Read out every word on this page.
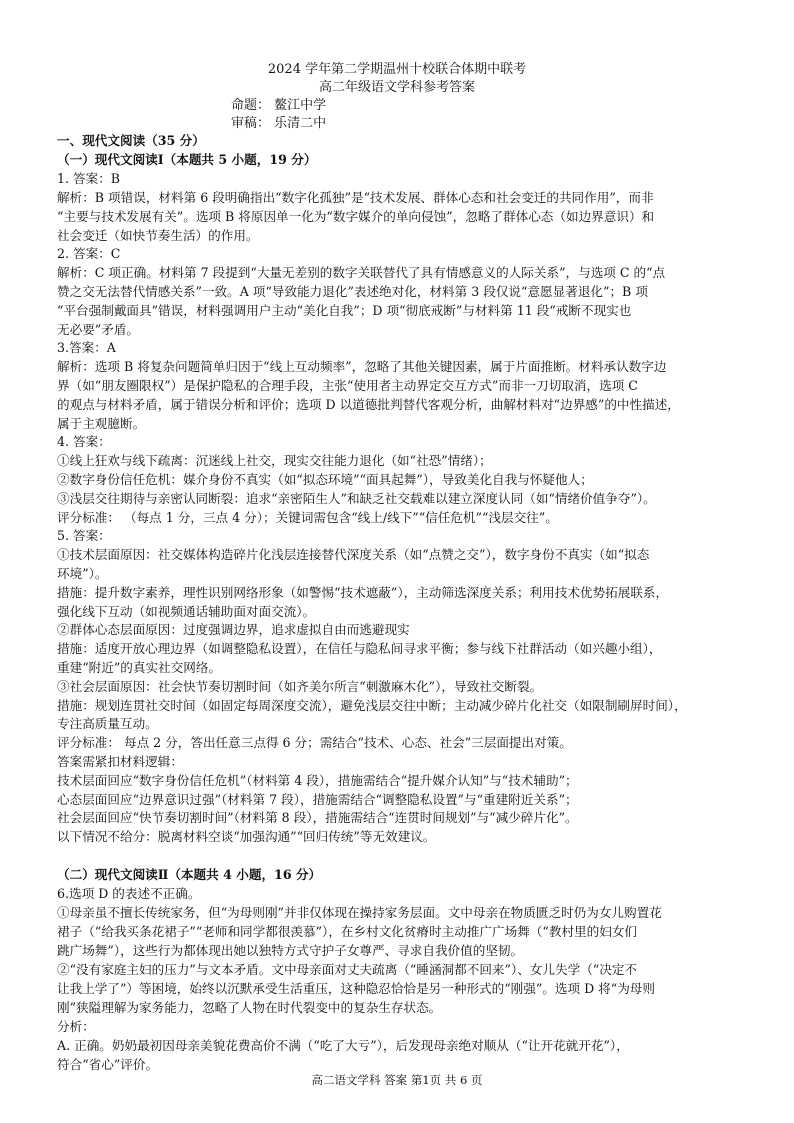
2024 学年第二学期温州十校联合体期中联考
高二年级语文学科参考答案
命题： 鳌江中学
审稿： 乐清二中
一、现代文阅读（35 分）
（一）现代文阅读Ⅰ（本题共 5 小题，19 分）
1. 答案：B
解析：B 项错误，材料第 6 段明确指出“数字化孤独”是“技术发展、群体心态和社会变迁的共同作用”，而非
“主要与技术发展有关”。选项 B 将原因单一化为“数字媒介的单向侵蚀”，忽略了群体心态（如边界意识）和
社会变迁（如快节奏生活）的作用。
2. 答案：C
解析：C 项正确。材料第 7 段提到“大量无差别的数字关联替代了具有情感意义的人际关系”，与选项 C 的“点
赞之交无法替代情感关系”一致。A 项“导致能力退化”表述绝对化，材料第 3 段仅说“意愿显著退化”；B 项
“平台强制戴面具”错误，材料强调用户主动“美化自我”；D 项“彻底戒断”与材料第 11 段“戒断不现实也
无必要”矛盾。
3.答案：A
解析：选项 B 将复杂问题简单归因于“线上互动频率”，忽略了其他关键因素，属于片面推断。材料承认数字边
界（如“朋友圈限权”）是保护隐私的合理手段，主张“使用者主动界定交互方式”而非一刀切取消，选项 C
的观点与材料矛盾，属于错误分析和评价；选项 D 以道德批判替代客观分析，曲解材料对“边界感”的中性描述，
属于主观臆断。
4. 答案：
①线上狂欢与线下疏离：沉迷线上社交，现实交往能力退化（如“社恐”情绪）；
②数字身份信任危机：媒介身份不真实（如“拟态环境”“面具起舞”），导致美化自我与怀疑他人；
③浅层交往期待与亲密认同断裂：追求“亲密陌生人”和缺乏社交载难以建立深度认同（如“情绪价值争夺”）。
评分标准： （每点 1 分，三点 4 分）；关键词需包含“线上/线下”“信任危机”“浅层交往”。
5. 答案：
①技术层面原因：社交媒体构造碎片化浅层连接替代深度关系（如“点赞之交”），数字身份不真实（如“拟态
环境”）。
措施：提升数字素养，理性识别网络形象（如警惕“技术遮蔽”），主动筛选深度关系；利用技术优势拓展联系，
强化线下互动（如视频通话辅助面对面交流）。
②群体心态层面原因：过度强调边界，追求虚拟自由而逃避现实
措施：适度开放心理边界（如调整隐私设置），在信任与隐私间寻求平衡；参与线下社群活动（如兴趣小组），
重建“附近”的真实社交网络。
③社会层面原因：社会快节奏切割时间（如齐美尔所言“刺激麻木化”），导致社交断裂。
措施：规划连贯社交时间（如固定每周深度交流），避免浅层交往中断；主动减少碎片化社交（如限制刷屏时间），
专注高质量互动。
评分标准： 每点 2 分，答出任意三点得 6 分；需结合“技术、心态、社会”三层面提出对策。
答案需紧扣材料逻辑：
技术层面回应“数字身份信任危机”（材料第 4 段），措施需结合“提升媒介认知”与“技术辅助”；
心态层面回应“边界意识过强”（材料第 7 段），措施需结合“调整隐私设置”与“重建附近关系”；
社会层面回应“快节奏切割时间”（材料第 8 段），措施需结合“连贯时间规划”与“减少碎片化”。
以下情况不给分：脱离材料空谈“加强沟通”“回归传统”等无效建议。
（二）现代文阅读Ⅱ（本题共 4 小题，16 分）
6.选项 D 的表述不正确。
①母亲虽不擅长传统家务，但“为母则刚”并非仅体现在操持家务层面。文中母亲在物质匮乏时仍为女儿购置花
裙子（“给我买条花裙子”“老师和同学都很羡慕”），在乡村文化贫瘠时主动推广广场舞（“教村里的妇女们
跳广场舞”），这些行为都体现出她以独特方式守护子女尊严、寻求自我价值的坚韧。
②“没有家庭主妇的压力”与文本矛盾。文中母亲面对丈夫疏离（“睡涵洞都不回来”）、女儿失学（“决定不
让我上学了”）等困境，始终以沉默承受生活重压，这种隐忍恰恰是另一种形式的“刚强”。选项 D 将“为母则
刚”狭隘理解为家务能力，忽略了人物在时代裂变中的复杂生存状态。
分析：
A. 正确。奶奶最初因母亲美貌花费高价不满（“吃了大亏”），后发现母亲绝对顺从（“让开花就开花”），
符合“省心”评价。
高二语文学科 答案 第1页 共 6 页
